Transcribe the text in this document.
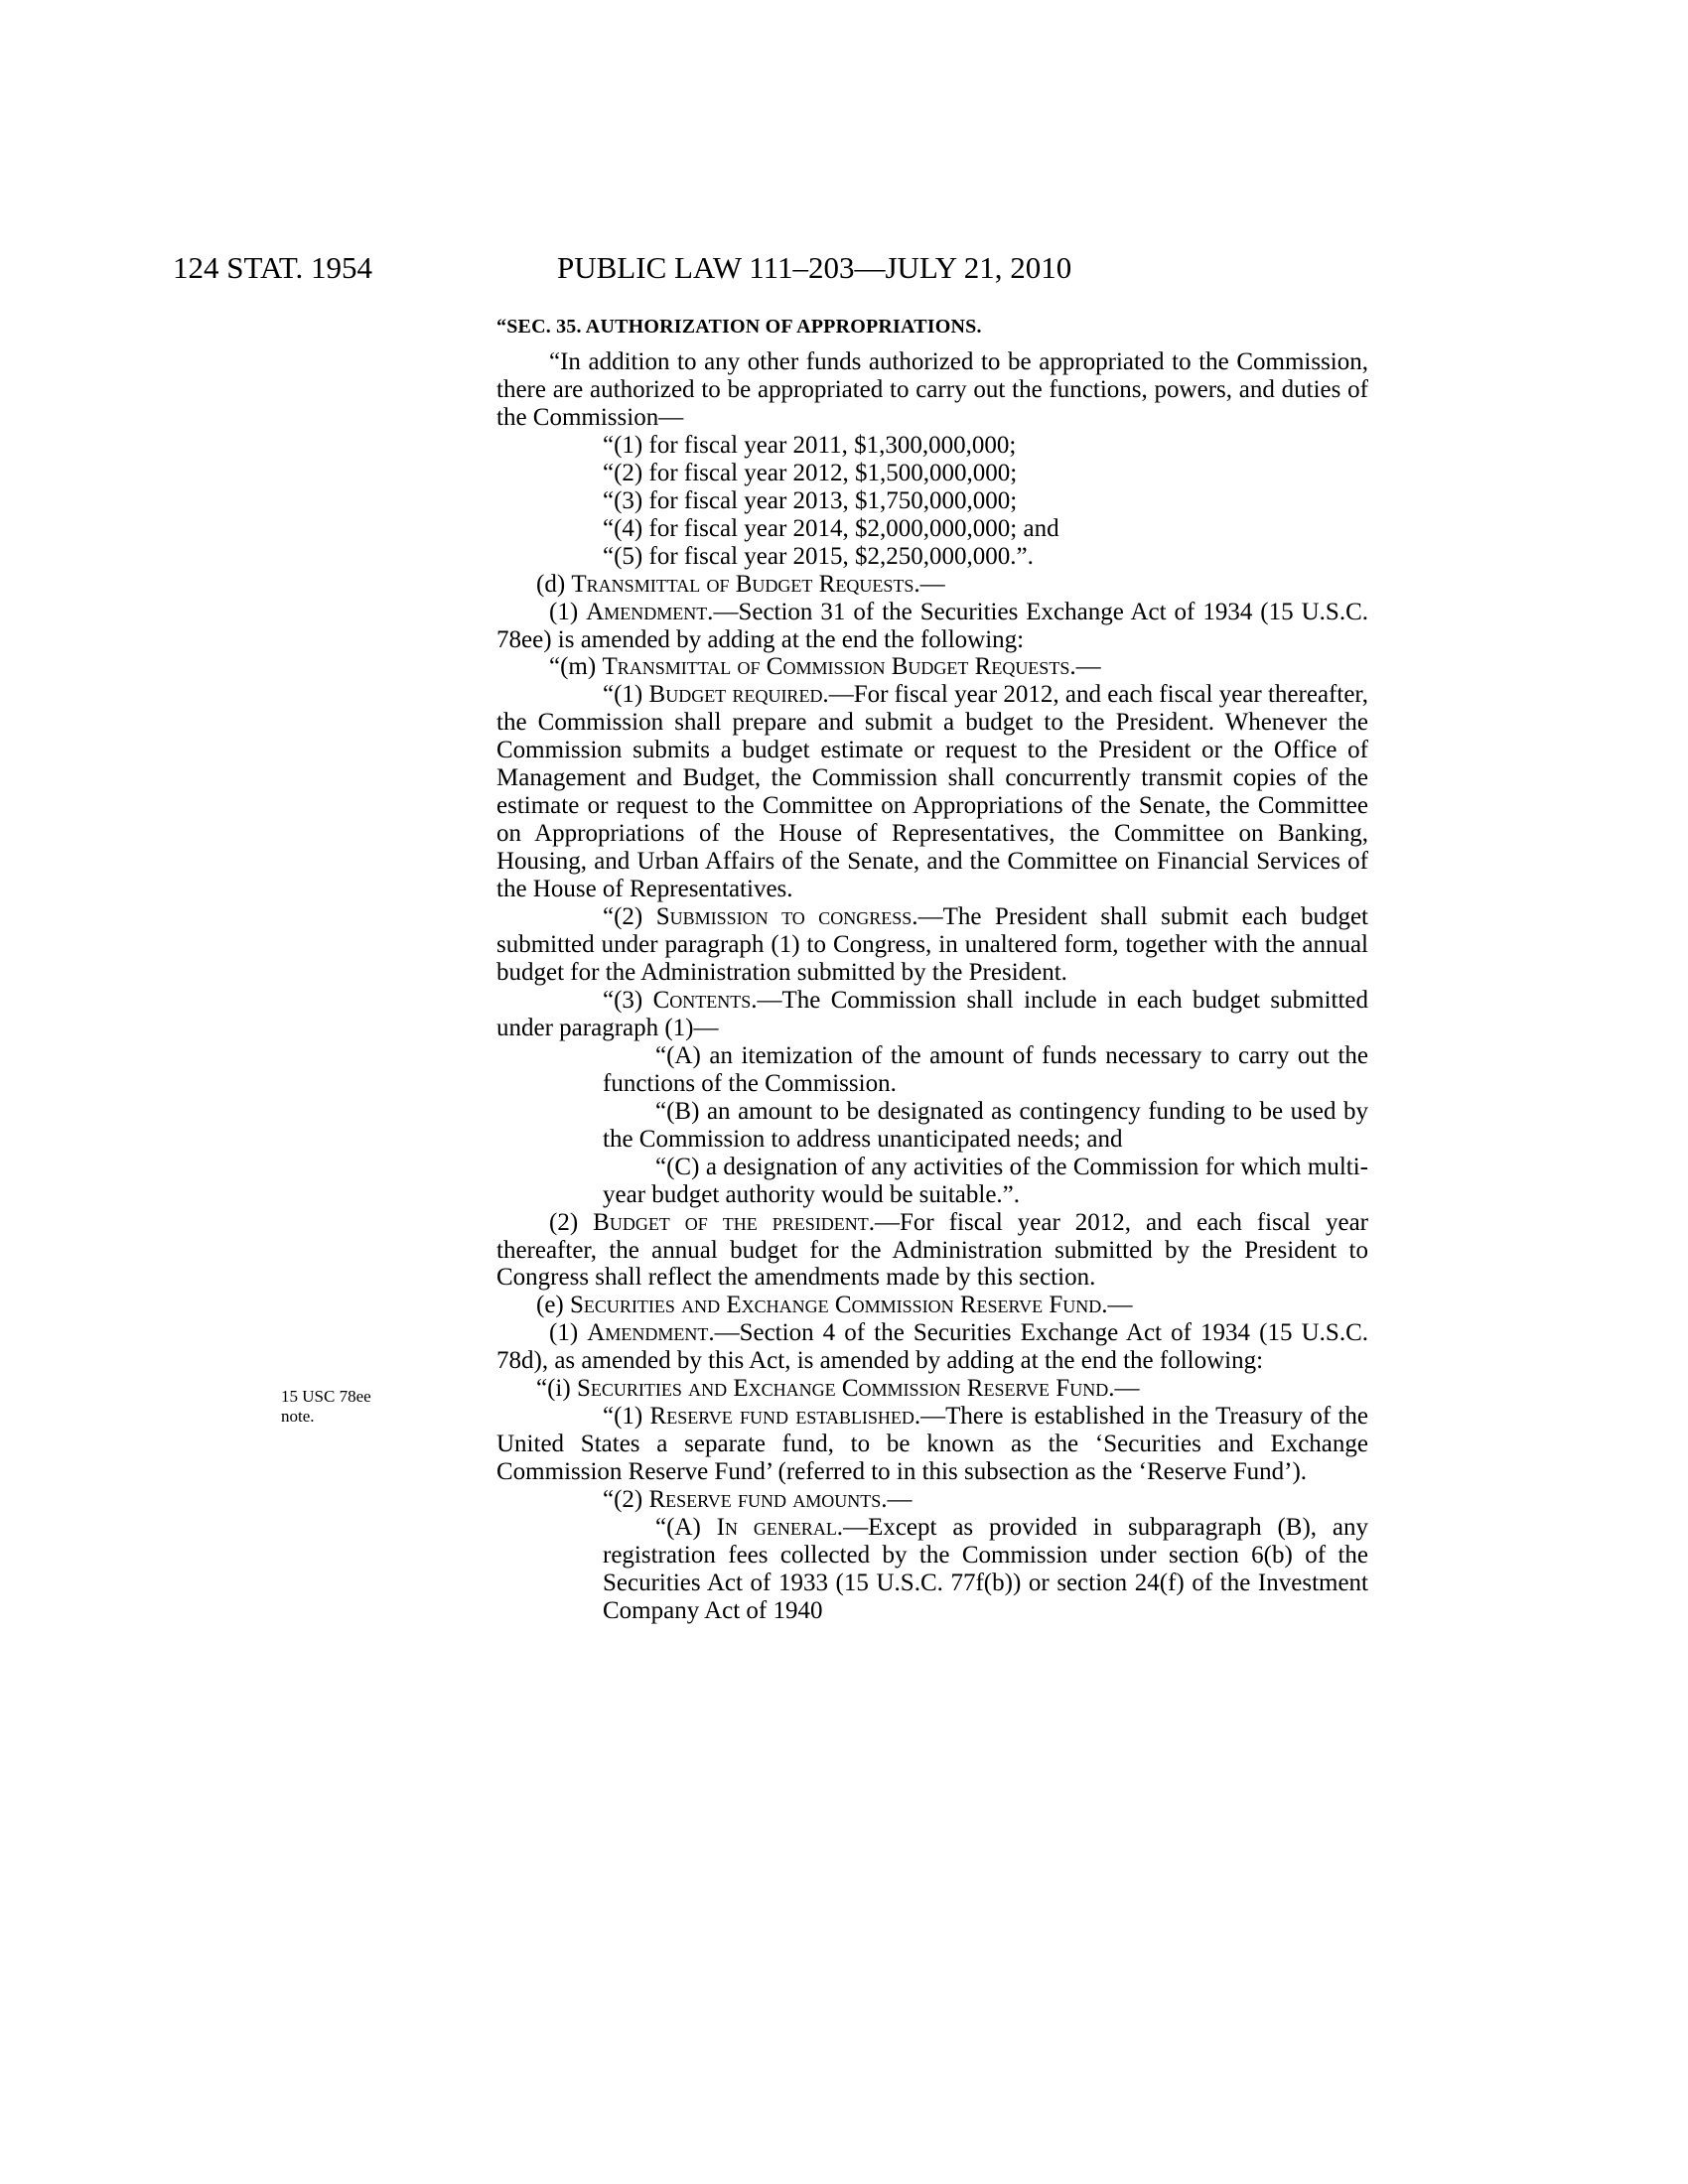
124 STAT. 1954	PUBLIC LAW 111–203—JULY 21, 2010
“SEC. 35. AUTHORIZATION OF APPROPRIATIONS.

“In addition to any other funds authorized to be appropriated to the Commission, there are authorized to be appropriated to carry out the functions, powers, and duties of the Commission—

“(1) for fiscal year 2011, $1,300,000,000;

“(2) for fiscal year 2012, $1,500,000,000;

“(3) for fiscal year 2013, $1,750,000,000;

“(4) for fiscal year 2014, $2,000,000,000; and

“(5) for fiscal year 2015, $2,250,000,000.”.

(d) Transmittal of Budget Requests.—

(1) Amendment.—Section 31 of the Securities Exchange Act of 1934 (15 U.S.C. 78ee) is amended by adding at the end the following:

“(m) Transmittal of Commission Budget Requests.—

“(1) Budget required.—For fiscal year 2012, and each fiscal year thereafter, the Commission shall prepare and submit a budget to the President. Whenever the Commission submits a budget estimate or request to the President or the Office of Management and Budget, the Commission shall concurrently transmit copies of the estimate or request to the Committee on Appropriations of the Senate, the Committee on Appropriations of the House of Representatives, the Committee on Banking, Housing, and Urban Affairs of the Senate, and the Committee on Financial Services of the House of Representatives.

“(2) Submission to congress.—The President shall submit each budget submitted under paragraph (1) to Congress, in unaltered form, together with the annual budget for the Administration submitted by the President.

“(3) Contents.—The Commission shall include in each budget submitted under paragraph (1)—

“(A) an itemization of the amount of funds necessary to carry out the functions of the Commission.

“(B) an amount to be designated as contingency funding to be used by the Commission to address unanticipated needs; and

“(C) a designation of any activities of the Commission for which multi-year budget authority would be suitable.”.

(2) Budget of the president.—For fiscal year 2012, and each fiscal year thereafter, the annual budget for the Administration submitted by the President to Congress shall reflect the amendments made by this section.

(e) Securities and Exchange Commission Reserve Fund.—

(1) Amendment.—Section 4 of the Securities Exchange Act of 1934 (15 U.S.C. 78d), as amended by this Act, is amended by adding at the end the following:

“(i) Securities and Exchange Commission Reserve Fund.—

“(1) Reserve fund established.—There is established in the Treasury of the United States a separate fund, to be known as the ‘Securities and Exchange Commission Reserve Fund’ (referred to in this subsection as the ‘Reserve Fund’).

“(2) Reserve fund amounts.—

“(A) In general.—Except as provided in subparagraph (B), any registration fees collected by the Commission under section 6(b) of the Securities Act of 1933 (15 U.S.C. 77f(b)) or section 24(f) of the Investment Company Act of 1940

15 USC 78ee
note.
